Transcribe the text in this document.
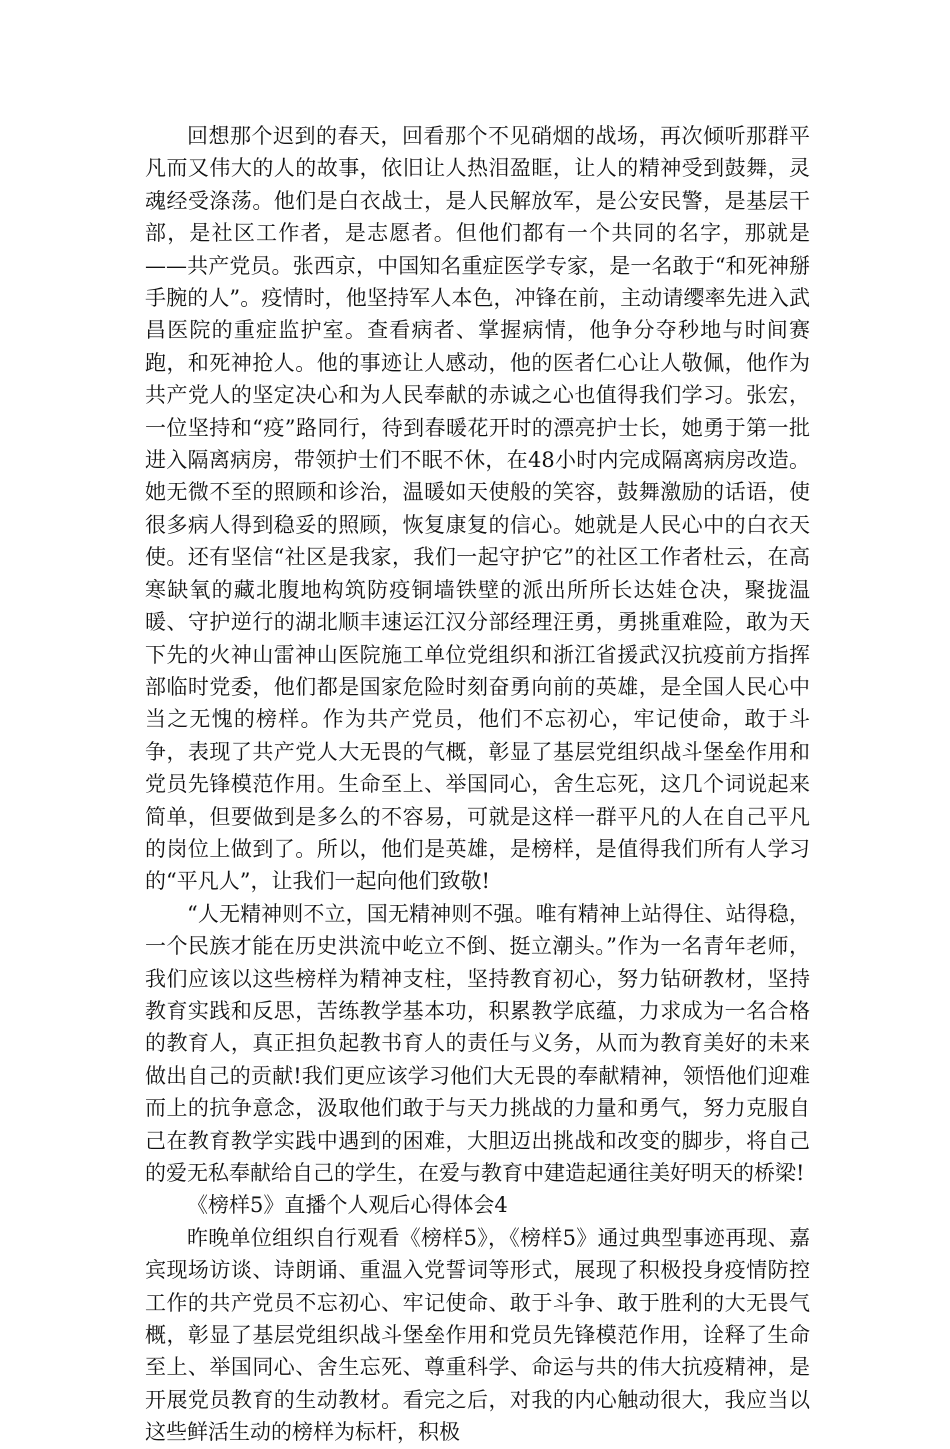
回想那个迟到的春天，回看那个不见硝烟的战场，再次倾听那群平凡而又伟大的人的故事，依旧让人热泪盈眶，让人的精神受到鼓舞，灵魂经受涤荡。他们是白衣战士，是人民解放军，是公安民警，是基层干部，是社区工作者，是志愿者。但他们都有一个共同的名字，那就是——共产党员。张西京，中国知名重症医学专家，是一名敢于“和死神掰手腕的人”。疫情时，他坚持军人本色，冲锋在前，主动请缨率先进入武昌医院的重症监护室。查看病者、掌握病情，他争分夺秒地与时间赛跑，和死神抢人。他的事迹让人感动，他的医者仁心让人敬佩，他作为共产党人的坚定决心和为人民奉献的赤诚之心也值得我们学习。张宏，一位坚持和“疫”路同行，待到春暖花开时的漂亮护士长，她勇于第一批进入隔离病房，带领护士们不眠不休，在48小时内完成隔离病房改造。她无微不至的照顾和诊治，温暖如天使般的笑容，鼓舞激励的话语，使很多病人得到稳妥的照顾，恢复康复的信心。她就是人民心中的白衣天使。还有坚信“社区是我家，我们一起守护它”的社区工作者杜云，在高寒缺氧的藏北腹地构筑防疫铜墙铁壁的派出所所长达娃仓决，聚拢温暖、守护逆行的湖北顺丰速运江汉分部经理汪勇，勇挑重难险，敢为天下先的火神山雷神山医院施工单位党组织和浙江省援武汉抗疫前方指挥部临时党委，他们都是国家危险时刻奋勇向前的英雄，是全国人民心中当之无愧的榜样。作为共产党员，他们不忘初心，牢记使命，敢于斗争，表现了共产党人大无畏的气概，彰显了基层党组织战斗堡垒作用和党员先锋模范作用。生命至上、举国同心，舍生忘死，这几个词说起来简单，但要做到是多么的不容易，可就是这样一群平凡的人在自己平凡的岗位上做到了。所以，他们是英雄，是榜样，是值得我们所有人学习的“平凡人”，让我们一起向他们致敬!

“人无精神则不立，国无精神则不强。唯有精神上站得住、站得稳，一个民族才能在历史洪流中屹立不倒、挺立潮头。”作为一名青年老师，我们应该以这些榜样为精神支柱，坚持教育初心，努力钻研教材，坚持教育实践和反思，苦练教学基本功，积累教学底蕴，力求成为一名合格的教育人，真正担负起教书育人的责任与义务，从而为教育美好的未来做出自己的贡献!我们更应该学习他们大无畏的奉献精神，领悟他们迎难而上的抗争意念，汲取他们敢于与天力挑战的力量和勇气，努力克服自己在教育教学实践中遇到的困难，大胆迈出挑战和改变的脚步，将自己的爱无私奉献给自己的学生，在爱与教育中建造起通往美好明天的桥梁!

《榜样5》直播个人观后心得体会4

昨晚单位组织自行观看《榜样5》，《榜样5》通过典型事迹再现、嘉宾现场访谈、诗朗诵、重温入党誓词等形式，展现了积极投身疫情防控工作的共产党员不忘初心、牢记使命、敢于斗争、敢于胜利的大无畏气概，彰显了基层党组织战斗堡垒作用和党员先锋模范作用，诠释了生命至上、举国同心、舍生忘死、尊重科学、命运与共的伟大抗疫精神，是开展党员教育的生动教材。看完之后，对我的内心触动很大，我应当以这些鲜活生动的榜样为标杆，积极
